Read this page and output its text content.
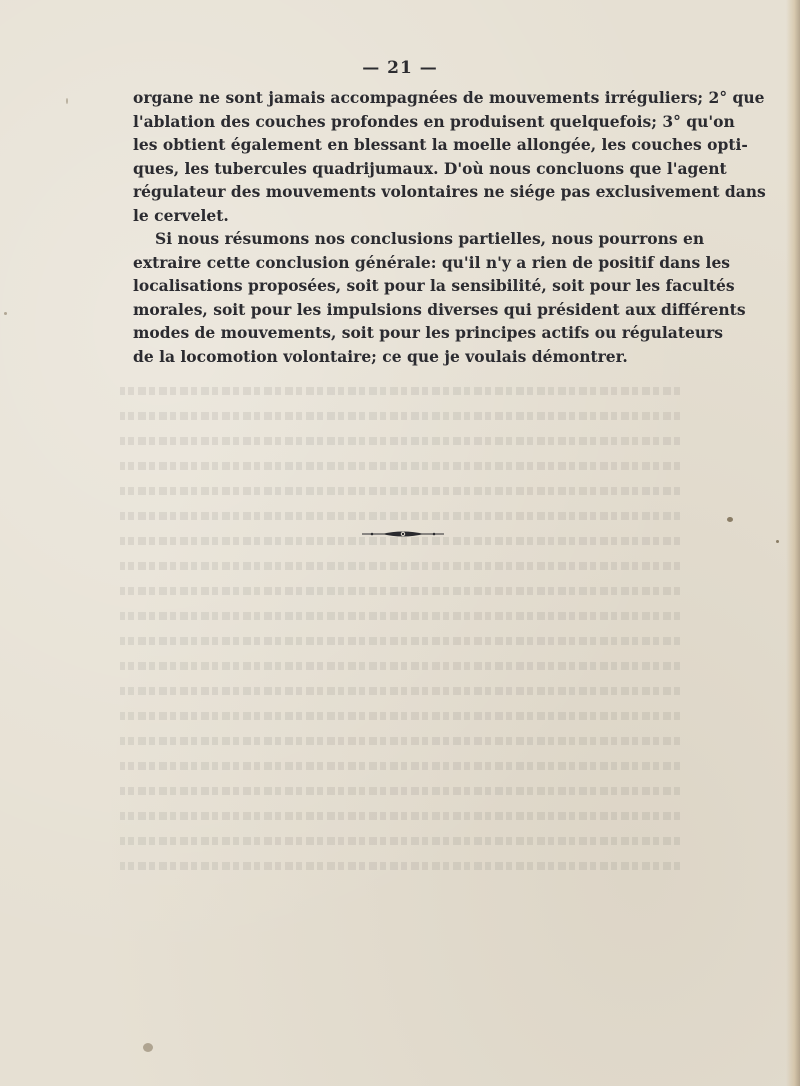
— 21 —

organe ne sont jamais accompagnées de mouvements irréguliers; 2° que
l'ablation des couches profondes en produisent quelquefois; 3° qu'on
les obtient également en blessant la moelle allongée, les couches opti-
ques, les tubercules quadrijumaux. D'où nous concluons que l'agent
régulateur des mouvements volontaires ne siége pas exclusivement dans
le cervelet.

Si nous résumons nos conclusions partielles, nous pourrons en
extraire cette conclusion générale: qu'il n'y a rien de positif dans les
localisations proposées, soit pour la sensibilité, soit pour les facultés
morales, soit pour les impulsions diverses qui président aux différents
modes de mouvements, soit pour les principes actifs ou régulateurs
de la locomotion volontaire; ce que je voulais démontrer.
